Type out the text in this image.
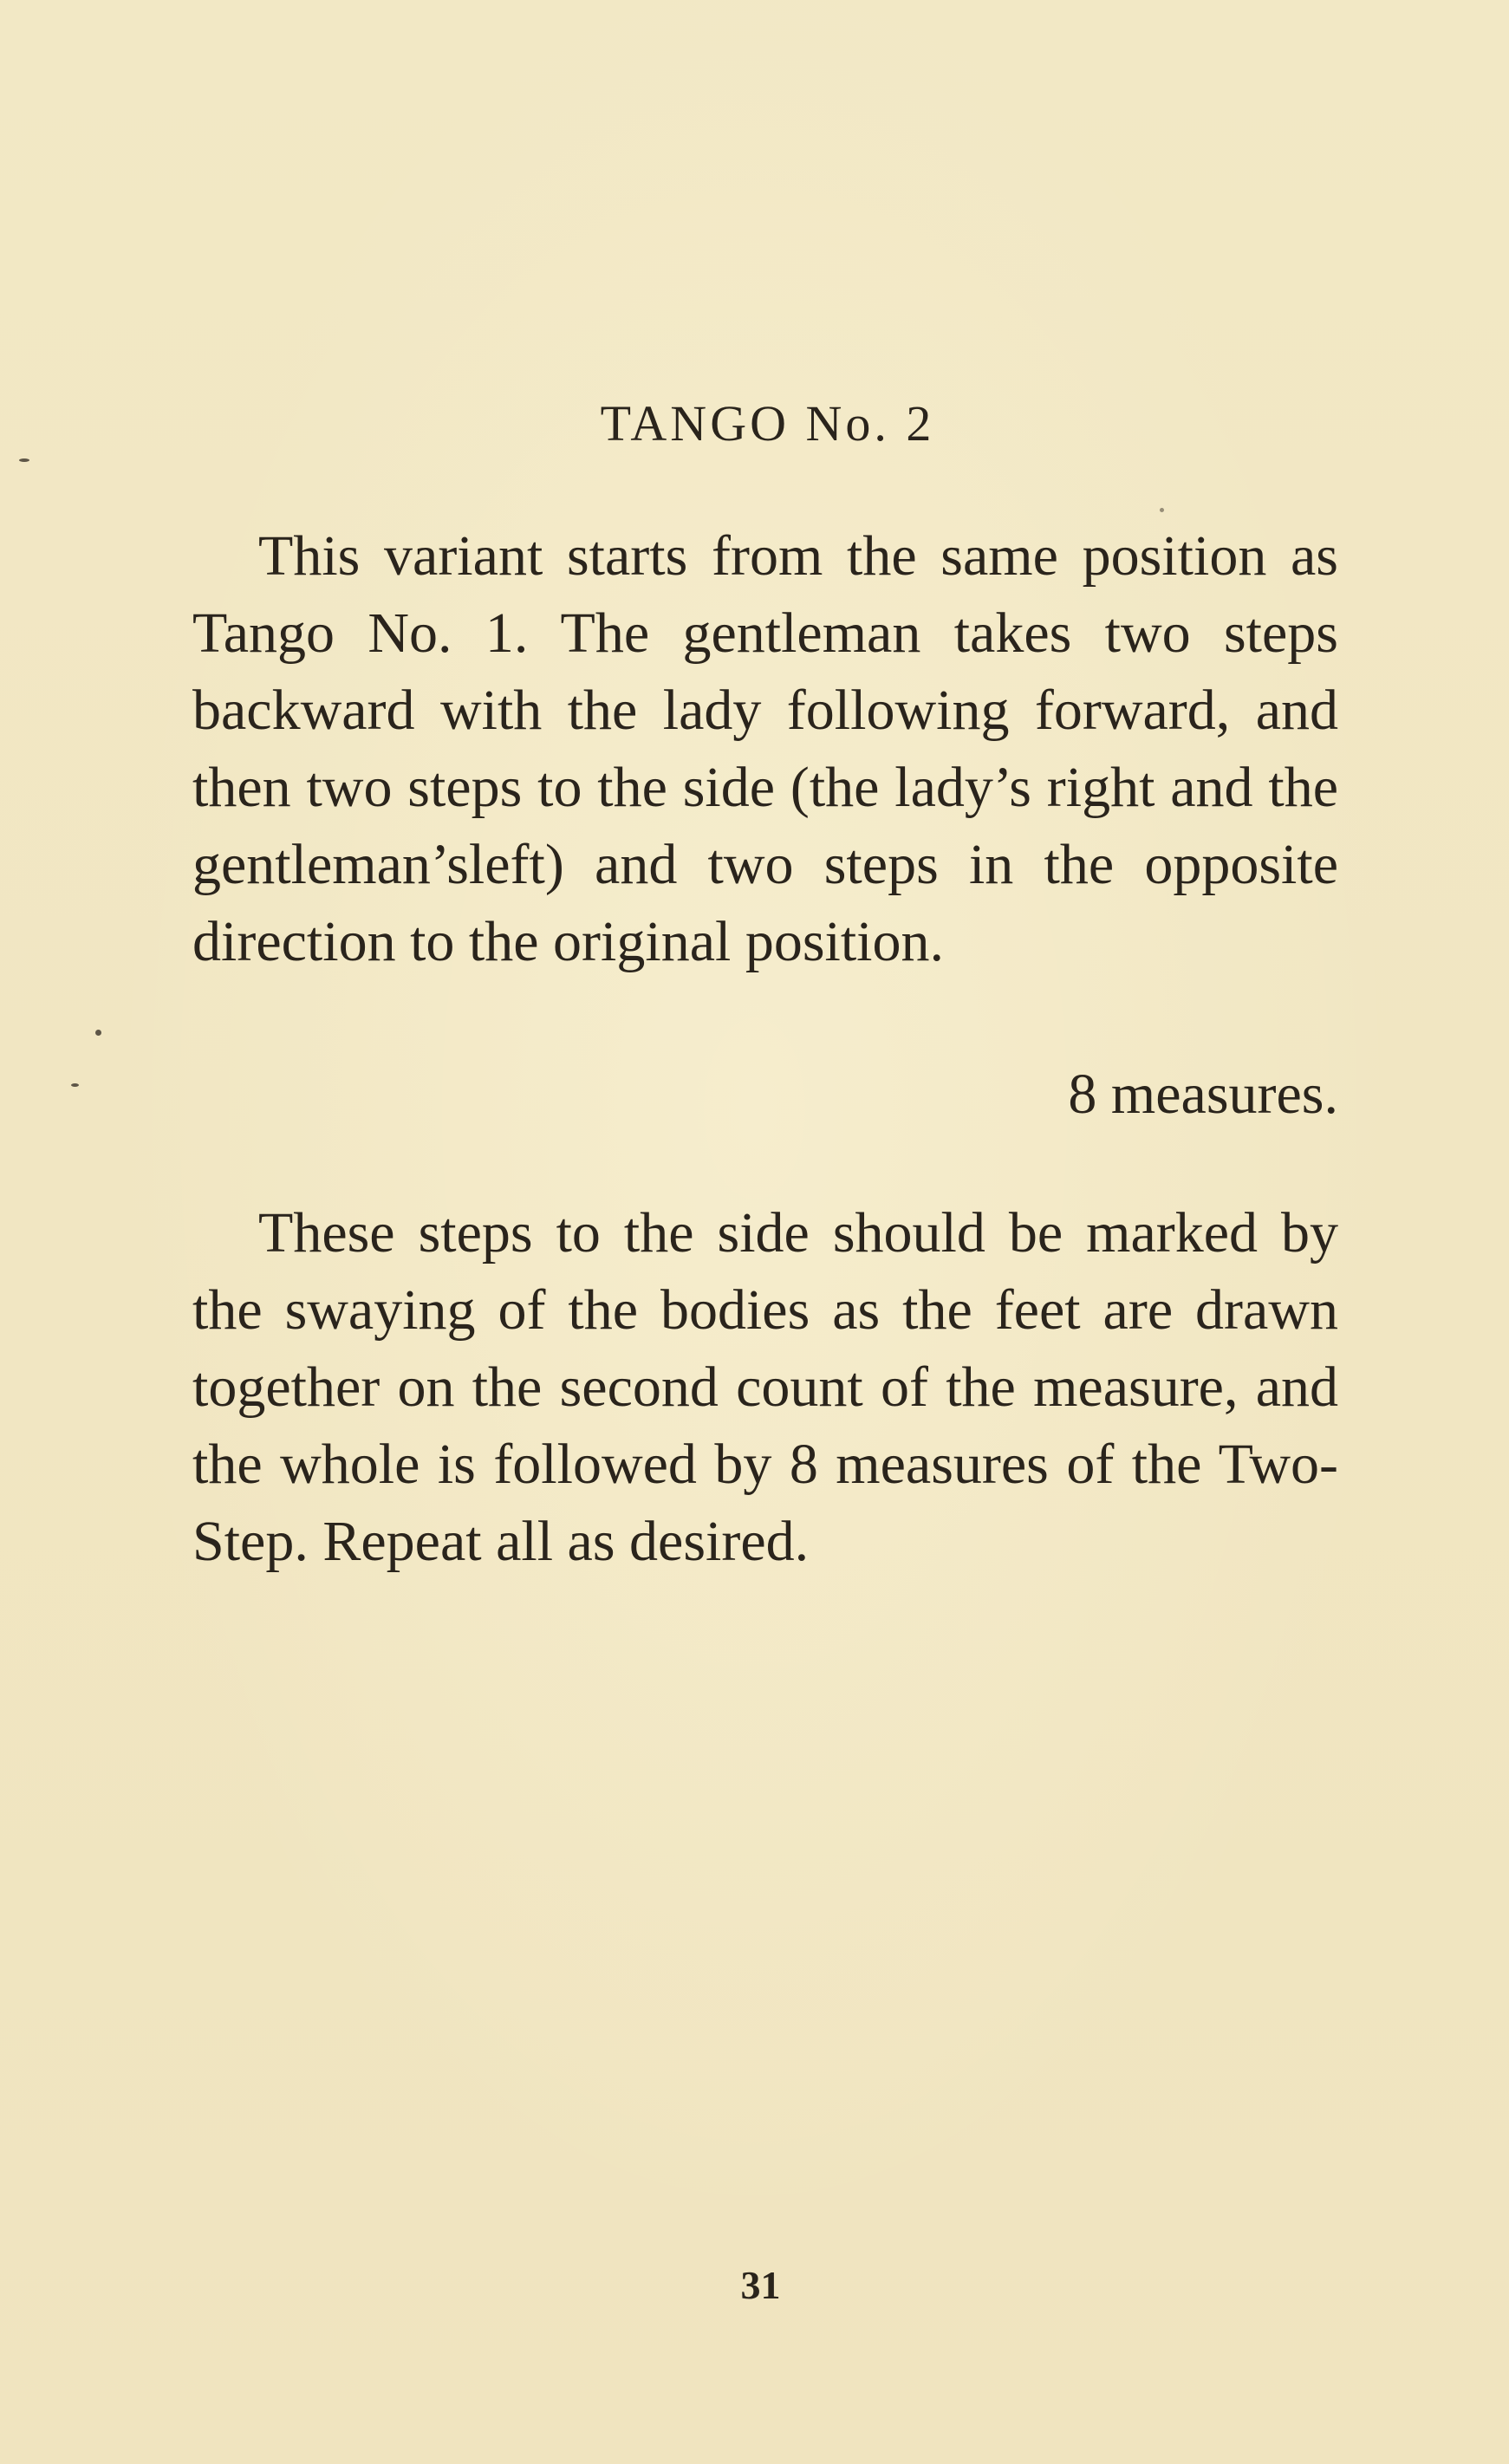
TANGO No. 2

This variant starts from the same position as Tango No. 1. The gentleman takes two steps backward with the lady following forward, and then two steps to the side (the lady’s right and the gentleman’sleft) and two steps in the opposite direction to the original position.

8 measures.

These steps to the side should be marked by the swaying of the bodies as the feet are drawn together on the second count of the measure, and the whole is followed by 8 measures of the Two-Step. Repeat all as desired.

31
